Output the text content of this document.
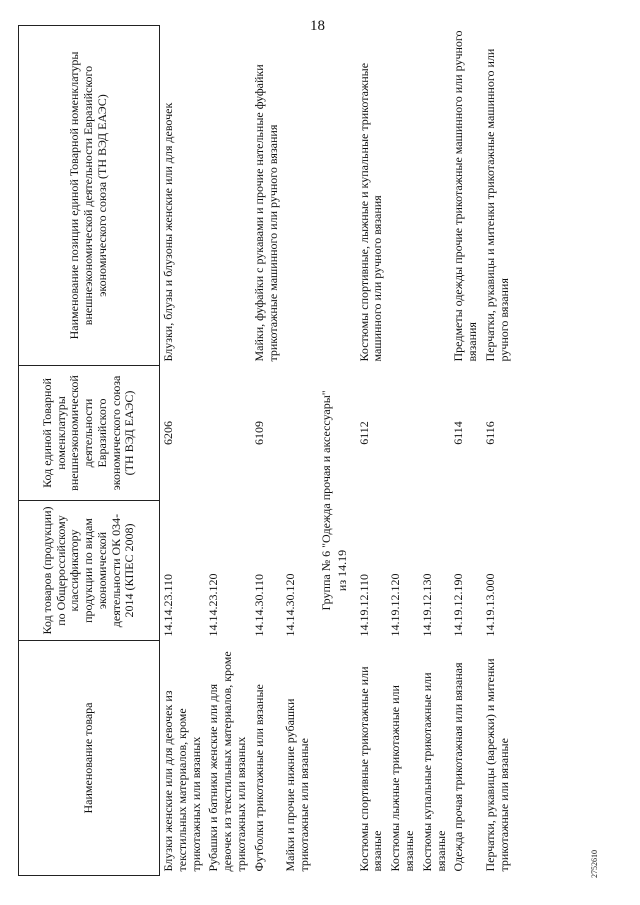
18
2752610
Наименование товара	Код товаров (продукции) по Общероссийскому классификатору продукции по видам экономической деятельности ОК 034-2014 (КПЕС 2008)	Код единой Товарной номенклатуры внешнеэкономической деятельности Евразийского экономического союза (ТН ВЭД ЕАЭС)	Наименование позиции единой Товарной номенклатуры внешнеэкономической деятельности Евразийского экономического союза (ТН ВЭД ЕАЭС)
Блузки женские или для девочек из текстильных материалов, кроме трикотажных или вязаных	14.14.23.110	6206	Блузки, блузы и блузоны женские или для девочек
Рубашки и батники женские или для девочек из текстильных материалов, кроме трикотажных или вязаных	14.14.23.120		
Футболки трикотажные или вязаные	14.14.30.110	6109	Майки, фуфайки с рукавами и прочие нательные фуфайки трикотажные машинного или ручного вязания
Майки и прочие нижние рубашки трикотажные или вязаные	14.14.30.120		
	Группа № 6 "Одежда прочая и аксессуары"		
	из 14.19		
Костюмы спортивные трикотажные или вязаные	14.19.12.110	6112	Костюмы спортивные, лыжные и купальные трикотажные машинного или ручного вязания
Костюмы лыжные трикотажные или вязаные	14.19.12.120		
Костюмы купальные трикотажные или вязаные	14.19.12.130		
Одежда прочая трикотажная или вязаная	14.19.12.190	6114	Предметы одежды прочие трикотажные машинного или ручного вязания
Перчатки, рукавицы (варежки) и митенки трикотажные или вязаные	14.19.13.000	6116	Перчатки, рукавицы и митенки трикотажные машинного или ручного вязания
